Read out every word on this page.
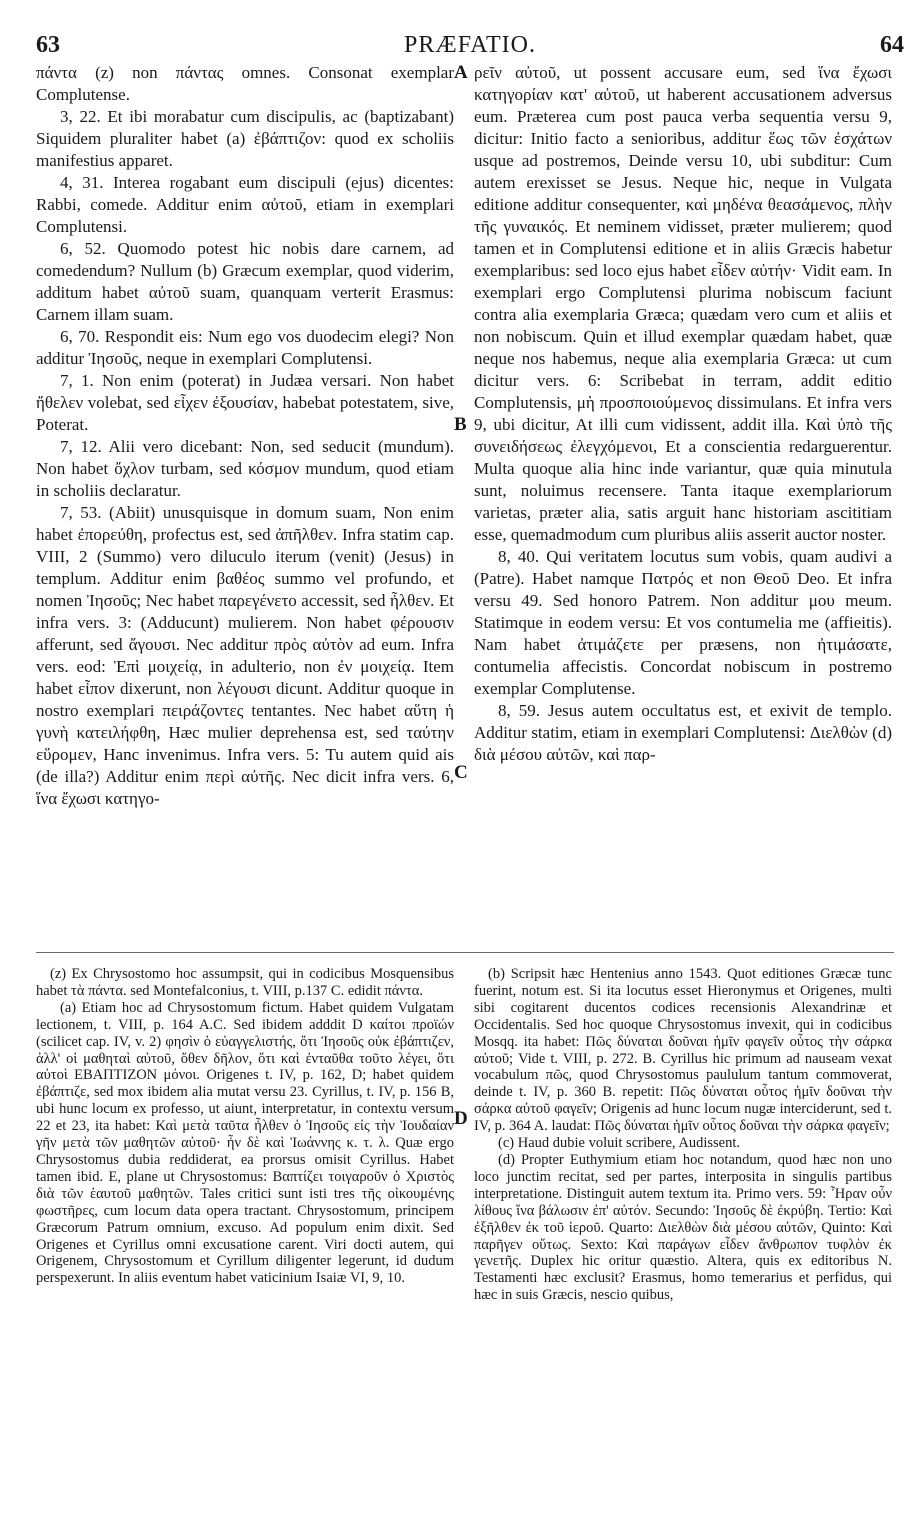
63	PRÆFATIO.	64

πάντα (z) non πάντας omnes. Consonat exemplar Complutense.

3, 22. Et ibi morabatur cum discipulis, ac (baptizabant) Siquidem pluraliter habet (a) ἐβάπτιζον: quod ex scholiis manifestius apparet.

4, 31. Interea rogabant eum discipuli (ejus) dicentes: Rabbi, comede. Additur enim αὐτοῦ, etiam in exemplari Complutensi.

6, 52. Quomodo potest hic nobis dare carnem, ad comedendum? Nullum (b) Græcum exemplar, quod viderim, additum habet αὐτοῦ suam, quanquam verterit Erasmus: Carnem illam suam.

6, 70. Respondit eis: Num ego vos duodecim elegi? Non additur Ἰησοῦς, neque in exemplari Complutensi.

7, 1. Non enim (poterat) in Judæa versari. Non habet ἤθελεν volebat, sed εἶχεν ἐξουσίαν, habebat potestatem, sive, Poterat.

7, 12. Alii vero dicebant: Non, sed seducit (mundum). Non habet ὄχλον turbam, sed κόσμον mundum, quod etiam in scholiis declaratur.

7, 53. (Abiit) unusquisque in domum suam, Non enim habet ἐπορεύθη, profectus est, sed ἀπῆλθεν. Infra statim cap. VIII, 2 (Summo) vero diluculo iterum (venit) (Jesus) in templum. Additur enim βαθέος summo vel profundo, et nomen Ἰησοῦς; Nec habet παρεγένετο accessit, sed ἦλθεν. Et infra vers. 3: (Adducunt) mulierem. Non habet φέρουσιν afferunt, sed ἄγουσι. Nec additur πρὸς αὐτὸν ad eum. Infra vers. eod: Ἐπὶ μοιχείᾳ, in adulterio, non ἐν μοιχείᾳ. Item habet εἶπον dixerunt, non λέγουσι dicunt. Additur quoque in nostro exemplari πειράζοντες tentantes. Nec habet αὕτη ἡ γυνὴ κατειλήφθη, Hæc mulier deprehensa est, sed ταύτην εὕρομεν, Hanc invenimus. Infra vers. 5: Tu autem quid ais (de illa?) Additur enim περὶ αὐτῆς. Nec dicit infra vers. 6, ἵνα ἔχωσι κατηγο-

ρεῖν αὐτοῦ, ut possent accusare eum, sed ἵνα ἔχωσι κατηγορίαν κατ' αὐτοῦ, ut haberent accusationem adversus eum. Præterea cum post pauca verba sequentia versu 9, dicitur: Initio facto a senioribus, additur ἕως τῶν ἐσχάτων usque ad postremos, Deinde versu 10, ubi subditur: Cum autem erexisset se Jesus. Neque hic, neque in Vulgata editione additur consequenter, καὶ μηδένα θεασάμενος, πλὴν τῆς γυναικός. Et neminem vidisset, præter mulierem; quod tamen et in Complutensi editione et in aliis Græcis habetur exemplaribus: sed loco ejus habet εἶδεν αὐτήν· Vidit eam. In exemplari ergo Complutensi plurima nobiscum faciunt contra alia exemplaria Græca; quædam vero cum et aliis et non nobiscum. Quin et illud exemplar quædam habet, quæ neque nos habemus, neque alia exemplaria Græca: ut cum dicitur vers. 6: Scribebat in terram, addit editio Complutensis, μὴ προσποιούμενος dissimulans. Et infra vers 9, ubi dicitur, At illi cum vidissent, addit illa. Καὶ ὑπὸ τῆς συνειδήσεως ἐλεγχόμενοι, Et a conscientia redarguerentur. Multa quoque alia hinc inde variantur, quæ quia minutula sunt, noluimus recensere. Tanta itaque exemplariorum varietas, præter alia, satis arguit hanc historiam ascititiam esse, quemadmodum cum pluribus aliis asserit auctor noster.

8, 40. Qui veritatem locutus sum vobis, quam audivi a (Patre). Habet namque Πατρός et non Θεοῦ Deo. Et infra versu 49. Sed honoro Patrem. Non additur μου meum. Statimque in eodem versu: Et vos contumelia me (affieitis). Nam habet ἀτιμάζετε per præsens, non ἠτιμάσατε, contumelia affecistis. Concordat nobiscum in postremo exemplar Complutense.

8, 59. Jesus autem occultatus est, et exivit de templo. Additur statim, etiam in exemplari Complutensi: Διελθὼν (d) διὰ μέσου αὐτῶν, καὶ παρ-

A
B
C
D

(z) Ex Chrysostomo hoc assumpsit, qui in codicibus Mosquensibus habet τὰ πάντα. sed Montefalconius, t. VIII, p.137 C. edidit πάντα.

(a) Etiam hoc ad Chrysostomum fictum. Habet quidem Vulgatam lectionem, t. VIII, p. 164 A.C. Sed ibidem adddit D καίτοι προϊών (scilicet cap. IV, v. 2) φησὶν ὁ εὐαγγελιστής, ὅτι Ἰησοῦς οὐκ ἐβάπτιζεν, ἀλλ' οἱ μαθηταὶ αὐτοῦ, ὅθεν δῆλον, ὅτι καὶ ἐνταῦθα τοῦτο λέγει, ὅτι αὐτοὶ ΕΒΑΠΤΙΖΟΝ μόνοι. Origenes t. IV, p. 162, D; habet quidem ἐβάπτιζε, sed mox ibidem alia mutat versu 23. Cyrillus, t. IV, p. 156 B, ubi hunc locum ex professo, ut aiunt, interpretatur, in contextu versum 22 et 23, ita habet: Καὶ μετὰ ταῦτα ἦλθεν ὁ Ἰησοῦς εἰς τὴν Ἰουδαίαν γῆν μετὰ τῶν μαθητῶν αὐτοῦ· ἦν δὲ καὶ Ἰωάννης κ. τ. λ. Quæ ergo Chrysostomus dubia reddiderat, ea prorsus omisit Cyrillus. Habet tamen ibid. E, plane ut Chrysostomus: Βαπτίζει τοιγαροῦν ὁ Χριστὸς διὰ τῶν ἑαυτοῦ μαθητῶν. Tales critici sunt isti tres τῆς οἰκουμένης φωστῆρες, cum locum data opera tractant. Chrysostomum, principem Græcorum Patrum omnium, excuso. Ad populum enim dixit. Sed Origenes et Cyrillus omni excusatione carent. Viri docti autem, qui Origenem, Chrysostomum et Cyrillum diligenter legerunt, id dudum perspexerunt. In aliis eventum habet vaticinium Isaiæ VI, 9, 10.

(b) Scripsit hæc Hentenius anno 1543. Quot editiones Græcæ tunc fuerint, notum est. Si ita locutus esset Hieronymus et Origenes, multi sibi cogitarent ducentos codices recensionis Alexandrinæ et Occidentalis. Sed hoc quoque Chrysostomus invexit, qui in codicibus Mosqq. ita habet: Πῶς δύναται δοῦναι ἡμῖν φαγεῖν οὗτος τὴν σάρκα αὐτοῦ; Vide t. VIII, p. 272. B. Cyrillus hic primum ad nauseam vexat vocabulum πῶς, quod Chrysostomus paululum tantum commoverat, deinde t. IV, p. 360 B. repetit: Πῶς δύναται οὗτος ἡμῖν δοῦναι τὴν σάρκα αὐτοῦ φαγεῖν; Origenis ad hunc locum nugæ interciderunt, sed t. IV, p. 364 A. laudat: Πῶς δύναται ἡμῖν οὗτος δοῦναι τὴν σάρκα φαγεῖν;

(c) Haud dubie voluit scribere, Audissent.

(d) Propter Euthymium etiam hoc notandum, quod hæc non uno loco junctim recitat, sed per partes, interposita in singulis partibus interpretatione. Distinguit autem textum ita. Primo vers. 59: Ἦραν οὖν λίθους ἵνα βάλωσιν ἐπ' αὐτόν. Secundo: Ἰησοῦς δὲ ἐκρύβη. Tertio: Καὶ ἐξῆλθεν ἐκ τοῦ ἱεροῦ. Quarto: Διελθὼν διὰ μέσου αὐτῶν, Quinto: Καὶ παρῆγεν οὕτως. Sexto: Καὶ παράγων εἶδεν ἄνθρωπον τυφλὸν ἐκ γενετῆς. Duplex hic oritur quæstio. Altera, quis ex editoribus N. Testamenti hæc exclusit? Erasmus, homo temerarius et perfidus, qui hæc in suis Græcis, nescio quibus,
